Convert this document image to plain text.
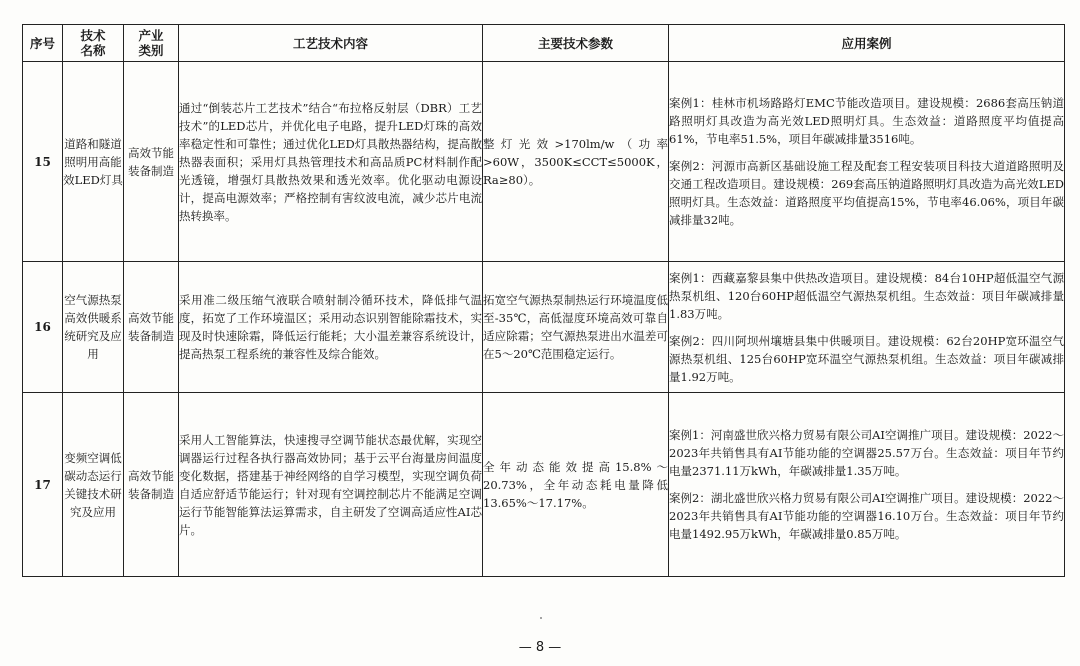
序号	技术名称	产业类别	工艺技术内容	主要技术参数	应用案例
15	道路和隧道照明用高能效LED灯具	高效节能装备制造	通过“倒装芯片工艺技术”结合“布拉格反射层（DBR）工艺技术”的LED芯片，并优化电子电路，提升LED灯珠的高效率稳定性和可靠性；通过优化LED灯具散热器结构，提高散热器表面积；采用灯具热管理技术和高品质PC材料制作配光透镜，增强灯具散热效果和透光效率。优化驱动电源设计，提高电源效率；严格控制有害纹波电流，减少芯片电流热转换率。	整灯光效>170lm/w（功率>60W，3500K≤CCT≤5000K，Ra≥80）。	案例1：桂林市机场路路灯EMC节能改造项目。建设规模：2686套高压钠道路照明灯具改造为高光效LED照明灯具。生态效益：道路照度平均值提高61%，节电率51.5%，项目年碳减排量3516吨。
案例2：河源市高新区基础设施工程及配套工程安装项目科技大道道路照明及交通工程改造项目。建设规模：269套高压钠道路照明灯具改造为高光效LED照明灯具。生态效益：道路照度平均值提高15%，节电率46.06%，项目年碳减排量32吨。

16	空气源热泵高效供暖系统研究及应用	高效节能装备制造	采用准二级压缩气液联合喷射制冷循环技术，降低排气温度，拓宽了工作环境温区；采用动态识别智能除霜技术，实现及时快速除霜，降低运行能耗；大小温差兼容系统设计，提高热泵工程系统的兼容性及综合能效。	拓宽空气源热泵制热运行环境温度低至-35℃，高低湿度环境高效可靠自适应除霜；空气源热泵进出水温差可在5～20℃范围稳定运行。	案例1：西藏嘉黎县集中供热改造项目。建设规模：84台10HP超低温空气源热泵机组、120台60HP超低温空气源热泵机组。生态效益：项目年碳减排量1.83万吨。
案例2：四川阿坝州壤塘县集中供暖项目。建设规模：62台20HP宽环温空气源热泵机组、125台60HP宽环温空气源热泵机组。生态效益：项目年碳减排量1.92万吨。

17	变频空调低碳动态运行关键技术研究及应用	高效节能装备制造	采用人工智能算法，快速搜寻空调节能状态最优解，实现空调器运行过程各执行器高效协同；基于云平台海量房间温度变化数据，搭建基于神经网络的自学习模型，实现空调负荷自适应舒适节能运行；针对现有空调控制芯片不能满足空调运行节能智能算法运算需求，自主研发了空调高适应性AI芯片。	全年动态能效提高15.8%～20.73%，全年动态耗电量降低13.65%～17.17%。	案例1：河南盛世欣兴格力贸易有限公司AI空调推广项目。建设规模：2022～2023年共销售具有AI节能功能的空调器25.57万台。生态效益：项目年节约电量2371.11万kWh，年碳减排量1.35万吨。
案例2：湖北盛世欣兴格力贸易有限公司AI空调推广项目。建设规模：2022～2023年共销售具有AI节能功能的空调器16.10万台。生态效益：项目年节约电量1492.95万kWh，年碳减排量0.85万吨。
— 8 —
